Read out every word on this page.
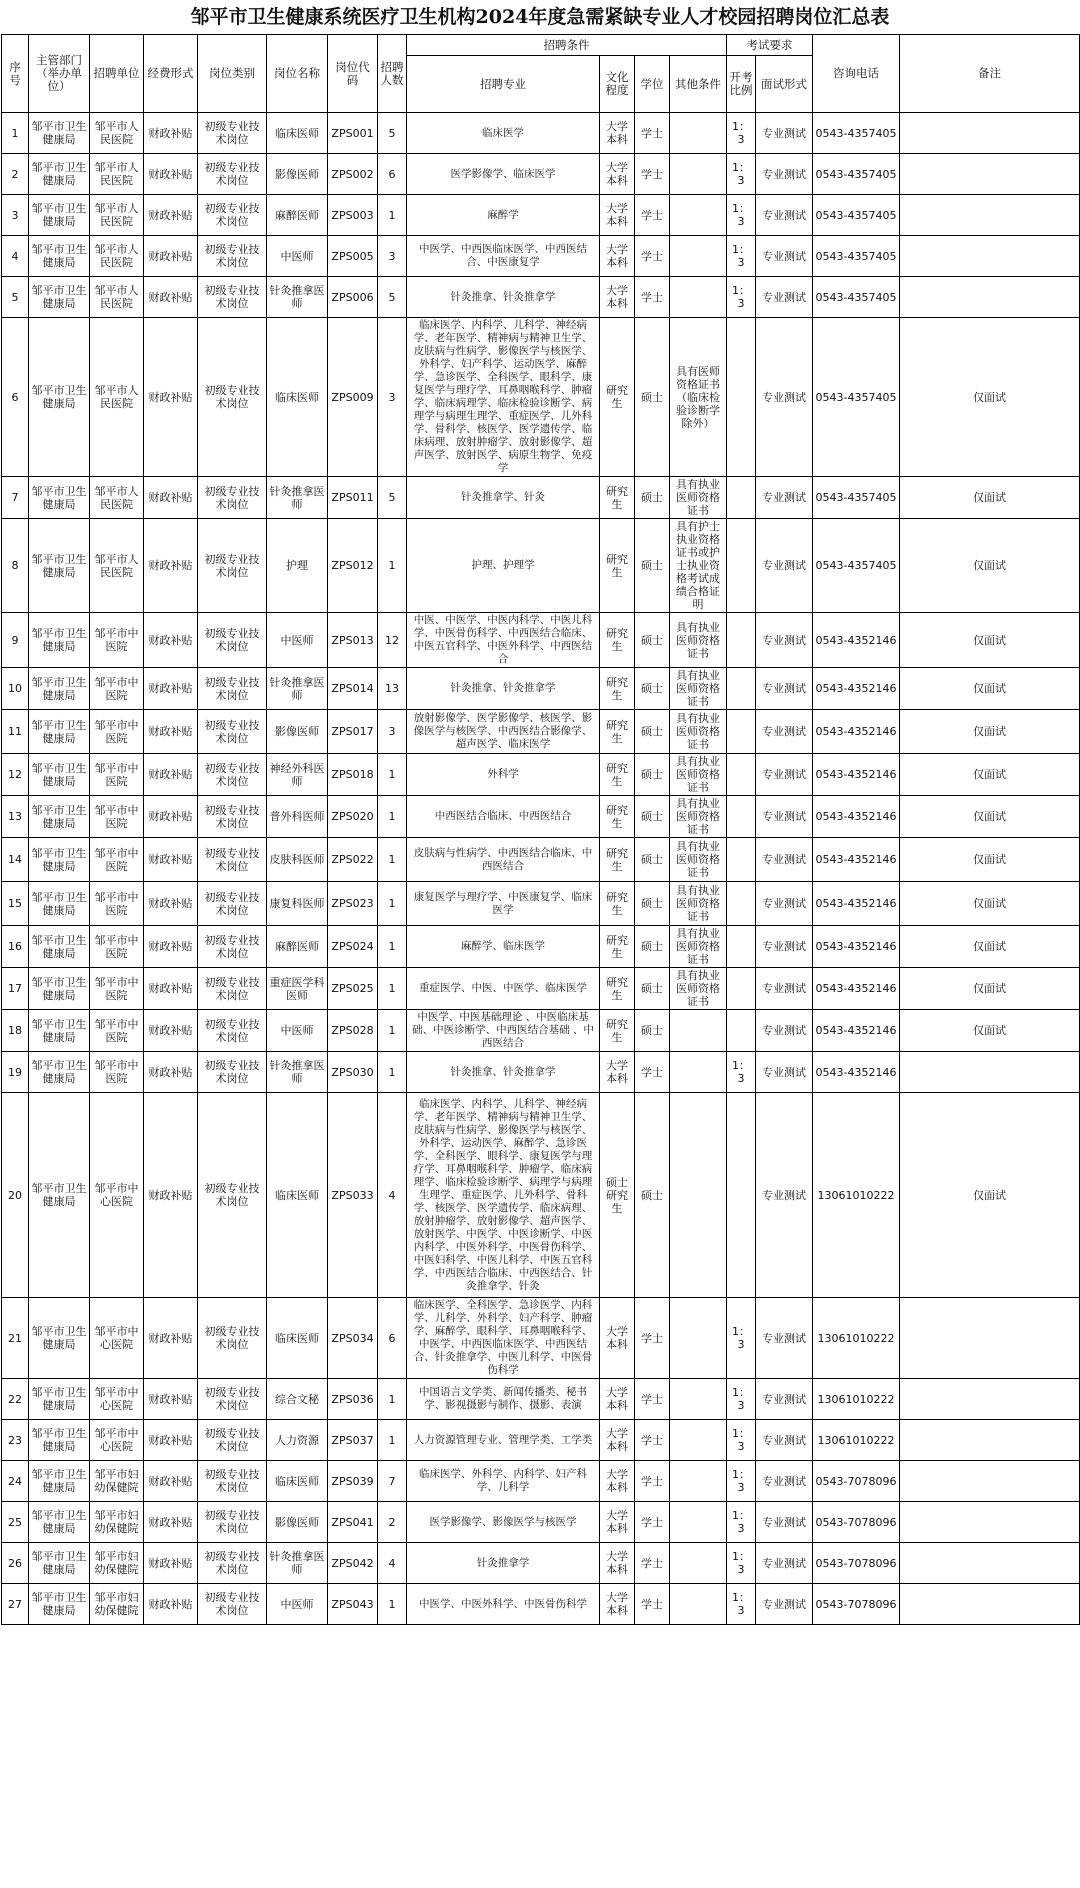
邹平市卫生健康系统医疗卫生机构2024年度急需紧缺专业人才校园招聘岗位汇总表
序号	主管部门（举办单位）	招聘单位	经费形式	岗位类别	岗位名称	岗位代码	招聘人数	招聘条件				考试要求		咨询电话	备注
								招聘专业	文化程度	学位	其他条件	开考比例	面试形式		
1	邹平市卫生健康局	邹平市人民医院	财政补贴	初级专业技术岗位	临床医师	ZPS001	5	临床医学	大学本科	学士		1：3	专业测试	0543-4357405	
2	邹平市卫生健康局	邹平市人民医院	财政补贴	初级专业技术岗位	影像医师	ZPS002	6	医学影像学、临床医学	大学本科	学士		1：3	专业测试	0543-4357405	
3	邹平市卫生健康局	邹平市人民医院	财政补贴	初级专业技术岗位	麻醉医师	ZPS003	1	麻醉学	大学本科	学士		1：3	专业测试	0543-4357405	
4	邹平市卫生健康局	邹平市人民医院	财政补贴	初级专业技术岗位	中医师	ZPS005	3	中医学、中西医临床医学、中西医结合、中医康复学	大学本科	学士		1：3	专业测试	0543-4357405	
5	邹平市卫生健康局	邹平市人民医院	财政补贴	初级专业技术岗位	针灸推拿医师	ZPS006	5	针灸推拿、针灸推拿学	大学本科	学士		1：3	专业测试	0543-4357405	
6	邹平市卫生健康局	邹平市人民医院	财政补贴	初级专业技术岗位	临床医师	ZPS009	3	临床医学、内科学、儿科学、神经病学、老年医学、精神病与精神卫生学、皮肤病与性病学、影像医学与核医学、外科学、妇产科学、运动医学、麻醉学、急诊医学、全科医学、眼科学、康复医学与理疗学、耳鼻咽喉科学、肿瘤学、临床病理学、临床检验诊断学、病理学与病理生理学、重症医学、儿外科学、骨科学、核医学、医学遗传学、临床病理、放射肿瘤学、放射影像学、超声医学、放射医学、病原生物学、免疫学	研究生	硕士	具有医师资格证书（临床检验诊断学除外）		专业测试	0543-4357405	仅面试
7	邹平市卫生健康局	邹平市人民医院	财政补贴	初级专业技术岗位	针灸推拿医师	ZPS011	5	针灸推拿学、针灸	研究生	硕士	具有执业医师资格证书		专业测试	0543-4357405	仅面试
8	邹平市卫生健康局	邹平市人民医院	财政补贴	初级专业技术岗位	护理	ZPS012	1	护理、护理学	研究生	硕士	具有护士执业资格证书或护士执业资格考试成绩合格证明		专业测试	0543-4357405	仅面试
9	邹平市卫生健康局	邹平市中医院	财政补贴	初级专业技术岗位	中医师	ZPS013	12	中医、中医学、中医内科学、中医儿科学、中医骨伤科学、中西医结合临床、中医五官科学、中医外科学、中西医结合	研究生	硕士	具有执业医师资格证书		专业测试	0543-4352146	仅面试
10	邹平市卫生健康局	邹平市中医院	财政补贴	初级专业技术岗位	针灸推拿医师	ZPS014	13	针灸推拿、针灸推拿学	研究生	硕士	具有执业医师资格证书		专业测试	0543-4352146	仅面试
11	邹平市卫生健康局	邹平市中医院	财政补贴	初级专业技术岗位	影像医师	ZPS017	3	放射影像学、医学影像学、核医学、影像医学与核医学、中西医结合影像学、超声医学、临床医学	研究生	硕士	具有执业医师资格证书		专业测试	0543-4352146	仅面试
12	邹平市卫生健康局	邹平市中医院	财政补贴	初级专业技术岗位	神经外科医师	ZPS018	1	外科学	研究生	硕士	具有执业医师资格证书		专业测试	0543-4352146	仅面试
13	邹平市卫生健康局	邹平市中医院	财政补贴	初级专业技术岗位	普外科医师	ZPS020	1	中西医结合临床、中西医结合	研究生	硕士	具有执业医师资格证书		专业测试	0543-4352146	仅面试
14	邹平市卫生健康局	邹平市中医院	财政补贴	初级专业技术岗位	皮肤科医师	ZPS022	1	皮肤病与性病学、中西医结合临床、中西医结合	研究生	硕士	具有执业医师资格证书		专业测试	0543-4352146	仅面试
15	邹平市卫生健康局	邹平市中医院	财政补贴	初级专业技术岗位	康复科医师	ZPS023	1	康复医学与理疗学、中医康复学、临床医学	研究生	硕士	具有执业医师资格证书		专业测试	0543-4352146	仅面试
16	邹平市卫生健康局	邹平市中医院	财政补贴	初级专业技术岗位	麻醉医师	ZPS024	1	麻醉学、临床医学	研究生	硕士	具有执业医师资格证书		专业测试	0543-4352146	仅面试
17	邹平市卫生健康局	邹平市中医院	财政补贴	初级专业技术岗位	重症医学科医师	ZPS025	1	重症医学、中医、中医学、临床医学	研究生	硕士	具有执业医师资格证书		专业测试	0543-4352146	仅面试
18	邹平市卫生健康局	邹平市中医院	财政补贴	初级专业技术岗位	中医师	ZPS028	1	中医学、中医基础理论 、中医临床基础、中医诊断学、中西医结合基础 、中西医结合	研究生	硕士			专业测试	0543-4352146	仅面试
19	邹平市卫生健康局	邹平市中医院	财政补贴	初级专业技术岗位	针灸推拿医师	ZPS030	1	针灸推拿、针灸推拿学	大学本科	学士		1：3	专业测试	0543-4352146	
20	邹平市卫生健康局	邹平市中心医院	财政补贴	初级专业技术岗位	临床医师	ZPS033	4	临床医学、内科学、儿科学、神经病学、老年医学、精神病与精神卫生学、皮肤病与性病学、影像医学与核医学、外科学、运动医学、麻醉学、急诊医学、全科医学、眼科学、康复医学与理疗学、耳鼻咽喉科学、肿瘤学、临床病理学、临床检验诊断学、病理学与病理生理学、重症医学、儿外科学、骨科学、核医学、医学遗传学、临床病理、放射肿瘤学、放射影像学、超声医学、放射医学、中医学、中医诊断学、中医内科学、中医外科学、中医骨伤科学、中医妇科学、中医儿科学、中医五官科学、中西医结合临床、中西医结合、针灸推拿学、针灸	硕士研究生	硕士			专业测试	13061010222	仅面试
21	邹平市卫生健康局	邹平市中心医院	财政补贴	初级专业技术岗位	临床医师	ZPS034	6	临床医学、全科医学、急诊医学、内科学、儿科学、外科学、妇产科学、肿瘤学、麻醉学、眼科学、耳鼻咽喉科学、中医学、中西医临床医学、中西医结合、针灸推拿学、中医儿科学、中医骨伤科学	大学本科	学士		1：3	专业测试	13061010222	
22	邹平市卫生健康局	邹平市中心医院	财政补贴	初级专业技术岗位	综合文秘	ZPS036	1	中国语言文学类、新闻传播类、秘书学、影视摄影与制作、摄影、表演	大学本科	学士		1：3	专业测试	13061010222	
23	邹平市卫生健康局	邹平市中心医院	财政补贴	初级专业技术岗位	人力资源	ZPS037	1	人力资源管理专业、管理学类、工学类	大学本科	学士		1：3	专业测试	13061010222	
24	邹平市卫生健康局	邹平市妇幼保健院	财政补贴	初级专业技术岗位	临床医师	ZPS039	7	临床医学、外科学、内科学、妇产科学、儿科学	大学本科	学士		1：3	专业测试	0543-7078096	
25	邹平市卫生健康局	邹平市妇幼保健院	财政补贴	初级专业技术岗位	影像医师	ZPS041	2	医学影像学、影像医学与核医学	大学本科	学士		1：3	专业测试	0543-7078096	
26	邹平市卫生健康局	邹平市妇幼保健院	财政补贴	初级专业技术岗位	针灸推拿医师	ZPS042	4	针灸推拿学	大学本科	学士		1：3	专业测试	0543-7078096	
27	邹平市卫生健康局	邹平市妇幼保健院	财政补贴	初级专业技术岗位	中医师	ZPS043	1	中医学、中医外科学、中医骨伤科学	大学本科	学士		1：3	专业测试	0543-7078096	
